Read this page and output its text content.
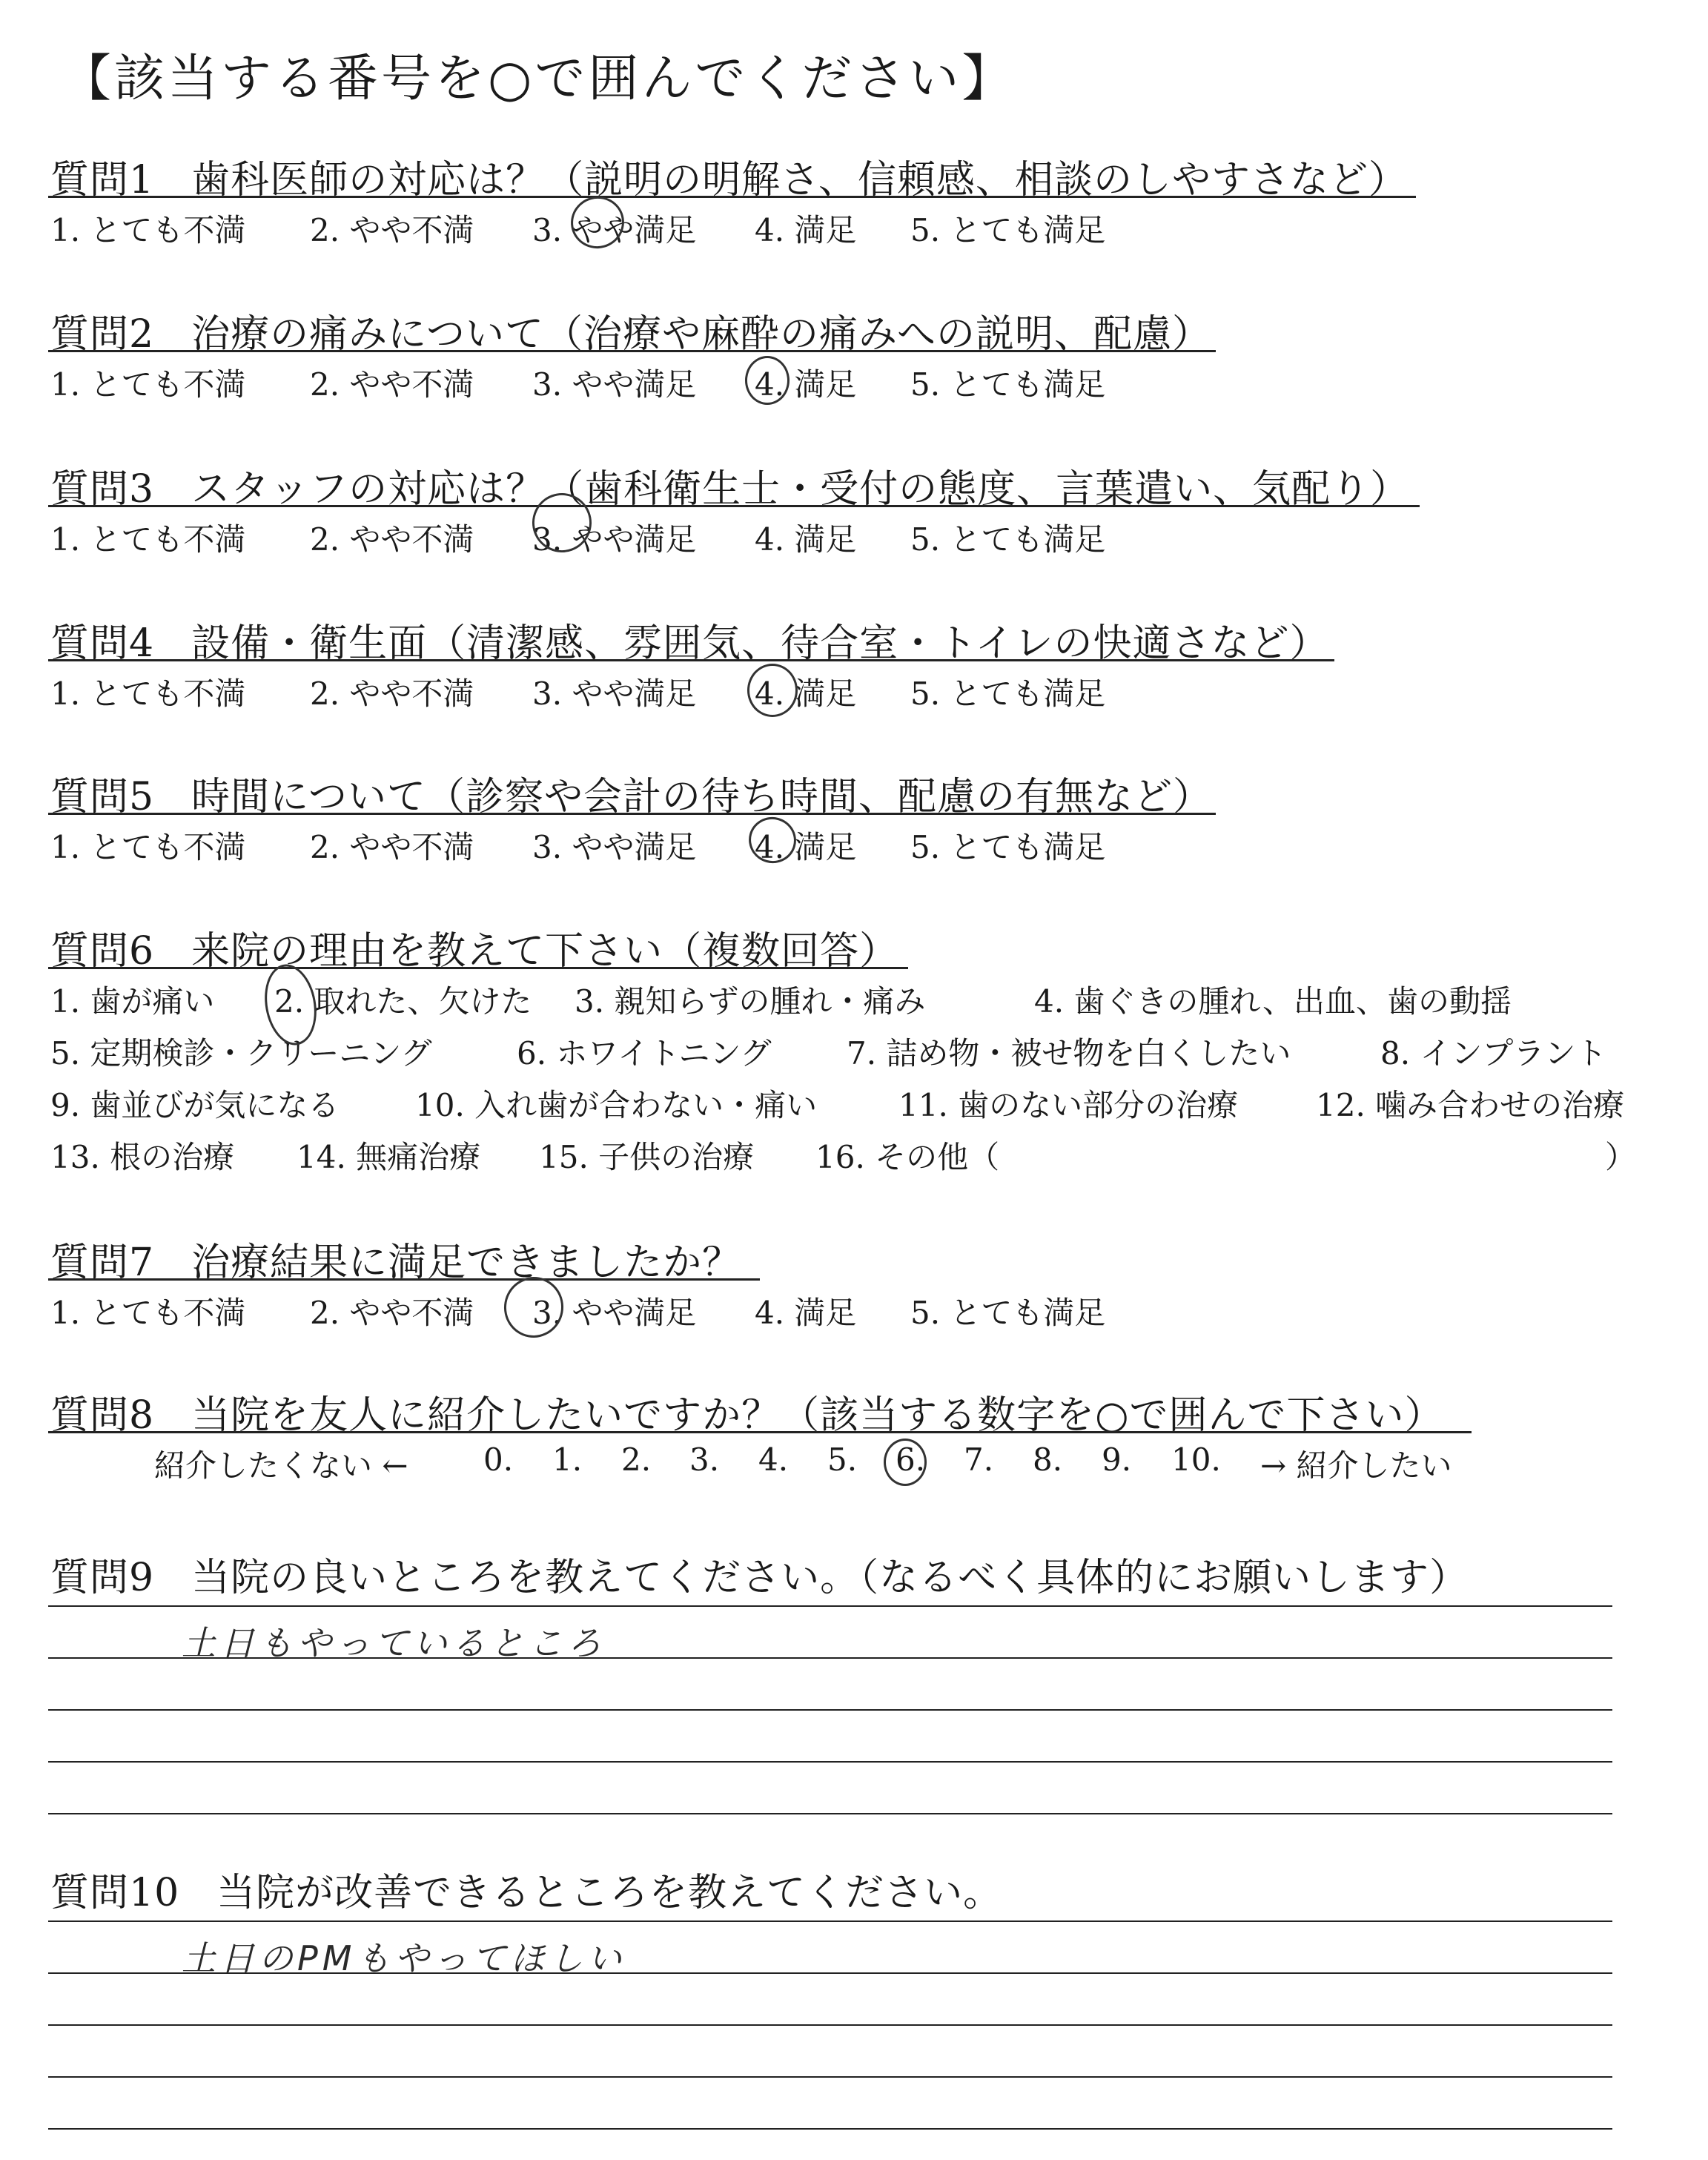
【該当する番号を○で囲んでください】
質問1 歯科医師の対応は？（説明の明解さ、信頼感、相談のしやすさなど）
1. とても不満 2. やや不満 3. やや満足 4. 満足 5. とても満足
質問2 治療の痛みについて（治療や麻酔の痛みへの説明、配慮）
1. とても不満 2. やや不満 3. やや満足 4. 満足 5. とても満足
質問3 スタッフの対応は？（歯科衛生士・受付の態度、言葉遣い、気配り）
1. とても不満 2. やや不満 3. やや満足 4. 満足 5. とても満足
質問4 設備・衛生面（清潔感、雰囲気、待合室・トイレの快適さなど）
1. とても不満 2. やや不満 3. やや満足 4. 満足 5. とても満足
質問5 時間について（診察や会計の待ち時間、配慮の有無など）
1. とても不満 2. やや不満 3. やや満足 4. 満足 5. とても満足
質問6 来院の理由を教えて下さい（複数回答）
1. 歯が痛い 2. 取れた、欠けた 3. 親知らずの腫れ・痛み	4. 歯ぐきの腫れ、出血、歯の動揺
5. 定期検診・クリーニング	6. ホワイトニング 7. 詰め物・被せ物を白くしたい	8. インプラント
9. 歯並びが気になる 10. 入れ歯が合わない・痛い	11. 歯のない部分の治療 12. 噛み合わせの治療
13. 根の治療 14. 無痛治療 15. 子供の治療 16. その他（	）
質問7 治療結果に満足できましたか？
1. とても不満 2. やや不満 3. やや満足 4. 満足 5. とても満足
質問8 当院を友人に紹介したいですか？（該当する数字を○で囲んで下さい）
紹介したくない ← 0. 1. 2. 3. 4. 5. 6. 7. 8. 9. 10. → 紹介したい
質問9 当院の良いところを教えてください。（なるべく具体的にお願いします）
土日もやっているところ
質問10 当院が改善できるところを教えてください。
土日のPMもやってほしい
